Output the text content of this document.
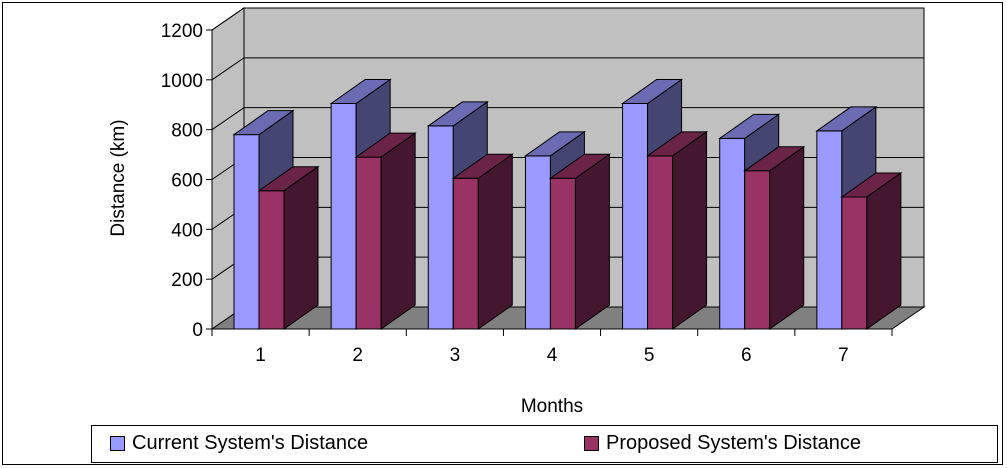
0
200
400
600
800
1000
1200
1	2	3	4	5	6	7
Distance (km)
Months
Current System's Distance	Proposed System's Distance
